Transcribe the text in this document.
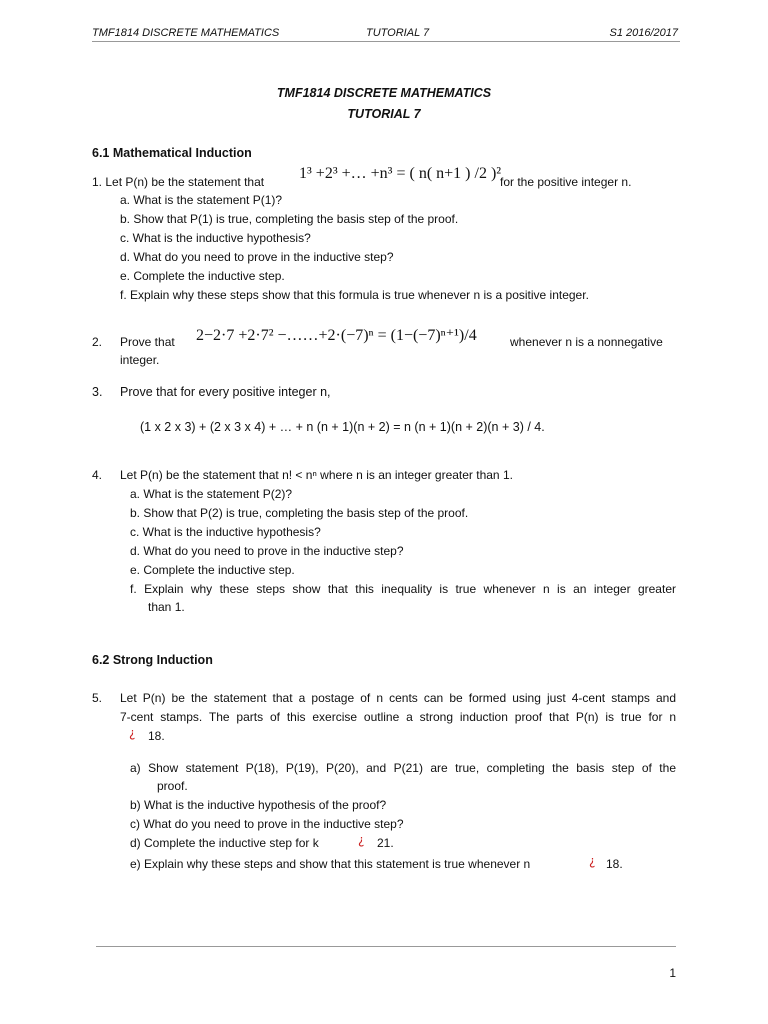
TMF1814 DISCRETE MATHEMATICS	TUTORIAL 7	S1 2016/2017
TMF1814 DISCRETE MATHEMATICS
TUTORIAL 7
6.1 Mathematical Induction
1. Let P(n) be the statement that 1³ +2³ +… +n³ = ( n( n+1 ) /2 )²
for the positive integer n.
a. What is the statement P(1)?
b. Show that P(1) is true, completing the basis step of the proof.
c. What is the inductive hypothesis?
d. What do you need to prove in the inductive step?
e. Complete the inductive step.
f. Explain why these steps show that this formula is true whenever n is a positive integer.
2. Prove that 2−2·7 +2·7² −……+2·(−7)ⁿ = (1−(−7)ⁿ⁺¹)/4	whenever n is a nonnegative
integer.
3. Prove that for every positive integer n,
(1 x 2 x 3) + (2 x 3 x 4) + … + n (n + 1)(n + 2) = n (n + 1)(n + 2)(n + 3) / 4.
4. Let P(n) be the statement that n! < nⁿ where n is an integer greater than 1.
a. What is the statement P(2)?
b. Show that P(2) is true, completing the basis step of the proof.
c. What is the inductive hypothesis?
d. What do you need to prove in the inductive step?
e. Complete the inductive step.
f. Explain why these steps show that this inequality is true whenever n is an integer greater
than 1.
6.2 Strong Induction
5. Let P(n) be the statement that a postage of n cents can be formed using just 4-cent stamps and
7-cent stamps. The parts of this exercise outline a strong induction proof that P(n) is true for n
¿ 18.
a) Show statement P(18), P(19), P(20), and P(21) are true, completing the basis step of the
proof.
b) What is the inductive hypothesis of the proof?
c) What do you need to prove in the inductive step?
d) Complete the inductive step for k	¿ 21.
e) Explain why these steps and show that this statement is true whenever n	¿ 18.
1
